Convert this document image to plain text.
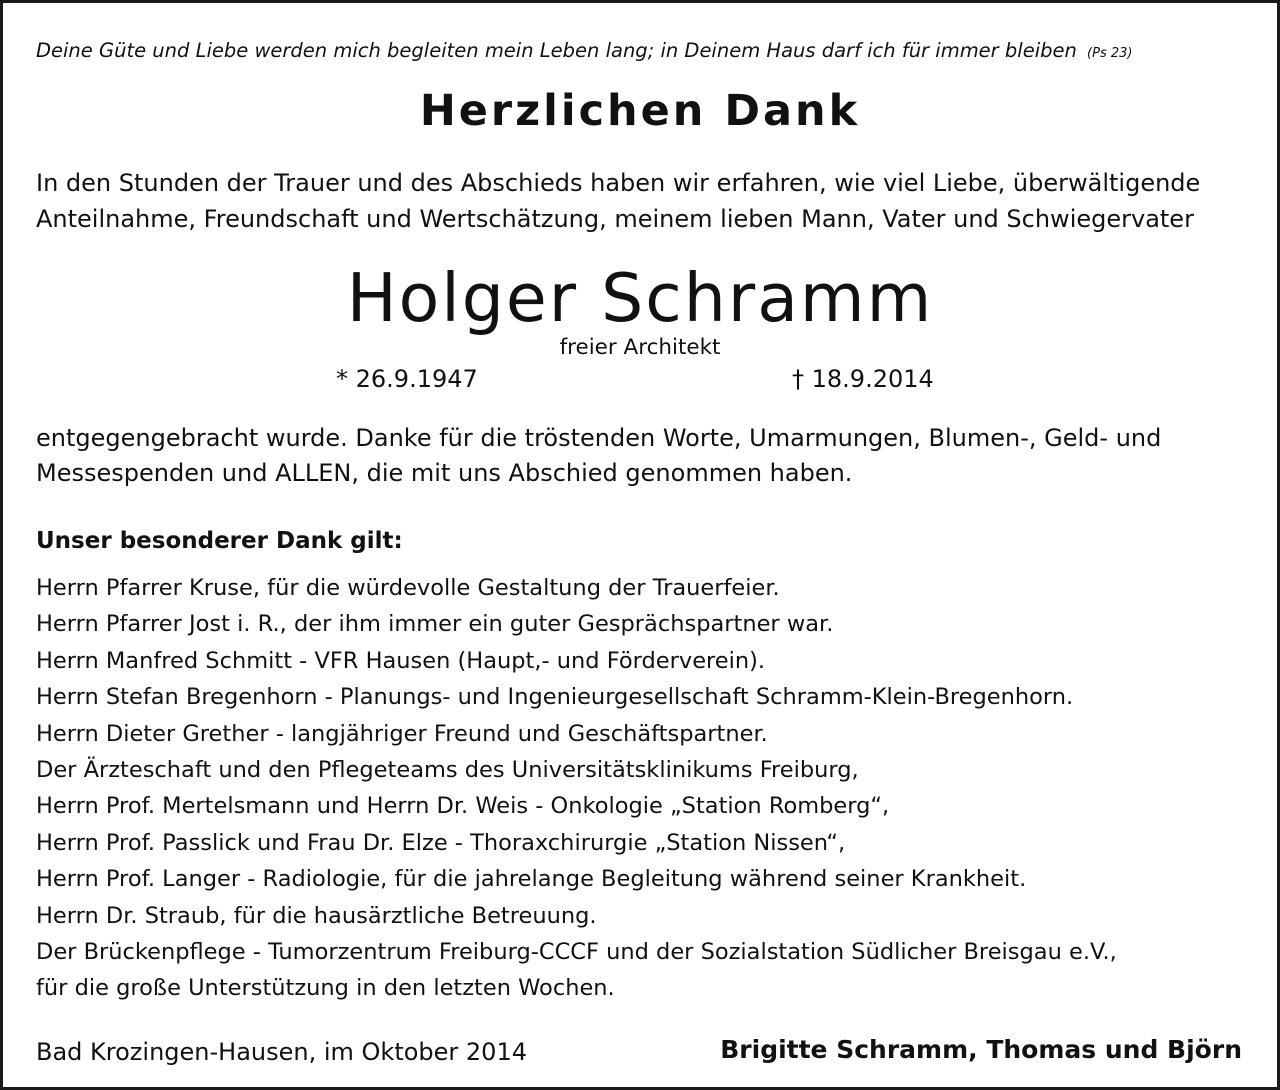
Deine Güte und Liebe werden mich begleiten mein Leben lang; in Deinem Haus darf ich für immer bleiben (Ps 23)
Herzlichen Dank
In den Stunden der Trauer und des Abschieds haben wir erfahren, wie viel Liebe, überwältigende
Anteilnahme, Freundschaft und Wertschätzung, meinem lieben Mann, Vater und Schwiegervater
Holger Schramm
freier Architekt
* 26.9.1947	† 18.9.2014
entgegengebracht wurde. Danke für die tröstenden Worte, Umarmungen, Blumen-, Geld- und
Messespenden und ALLEN, die mit uns Abschied genommen haben.
Unser besonderer Dank gilt:
Herrn Pfarrer Kruse, für die würdevolle Gestaltung der Trauerfeier.
Herrn Pfarrer Jost i. R., der ihm immer ein guter Gesprächspartner war.
Herrn Manfred Schmitt - VFR Hausen (Haupt,- und Förderverein).
Herrn Stefan Bregenhorn - Planungs- und Ingenieurgesellschaft Schramm-Klein-Bregenhorn.
Herrn Dieter Grether - langjähriger Freund und Geschäftspartner.
Der Ärzteschaft und den Pflegeteams des Universitätsklinikums Freiburg,
Herrn Prof. Mertelsmann und Herrn Dr. Weis - Onkologie „Station Romberg“,
Herrn Prof. Passlick und Frau Dr. Elze - Thoraxchirurgie „Station Nissen“,
Herrn Prof. Langer - Radiologie, für die jahrelange Begleitung während seiner Krankheit.
Herrn Dr. Straub, für die hausärztliche Betreuung.
Der Brückenpflege - Tumorzentrum Freiburg-CCCF und der Sozialstation Südlicher Breisgau e.V.,
für die große Unterstützung in den letzten Wochen.
Bad Krozingen-Hausen, im Oktober 2014	Brigitte Schramm, Thomas und Björn
